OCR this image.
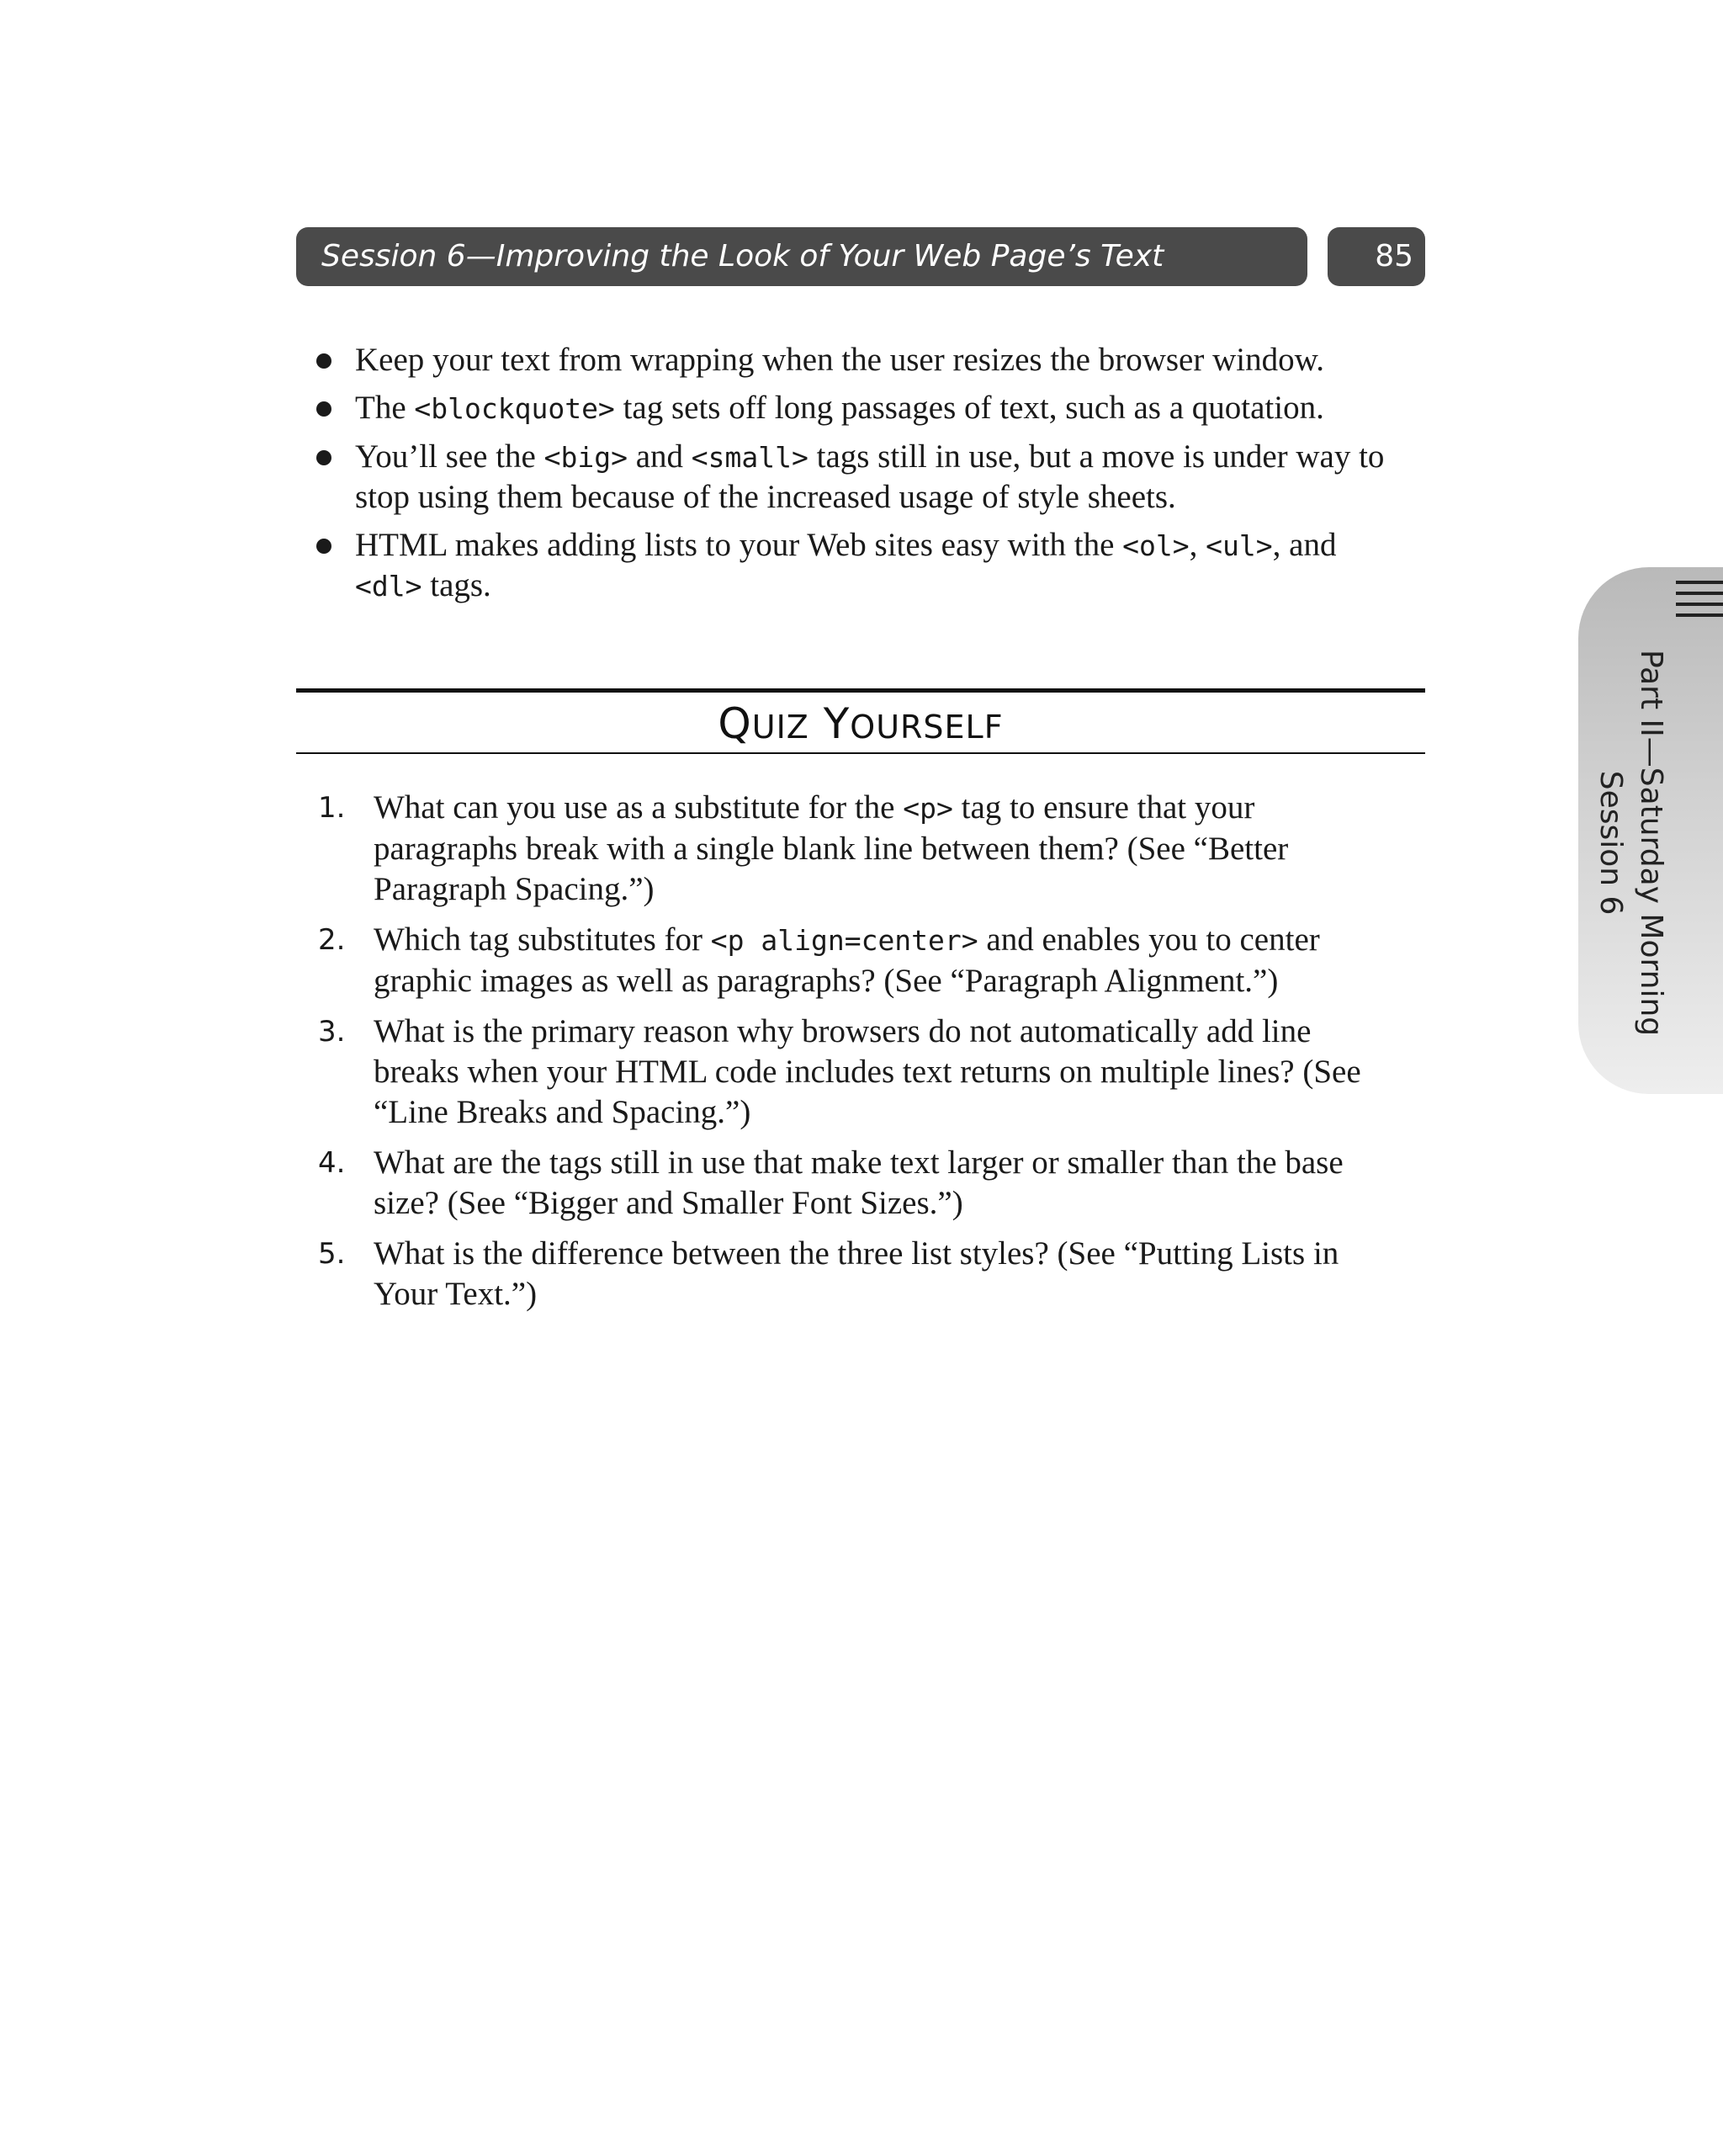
Session 6—Improving the Look of Your Web Page’s Text	85
Keep your text from wrapping when the user resizes the browser window.
The <blockquote> tag sets off long passages of text, such as a quotation.
You’ll see the <big> and <small> tags still in use, but a move is under way to stop using them because of the increased usage of style sheets.
HTML makes adding lists to your Web sites easy with the <ol>, <ul>, and <dl> tags.
QUIZ YOURSELF
1. What can you use as a substitute for the <p> tag to ensure that your paragraphs break with a single blank line between them? (See “Better Paragraph Spacing.”)
2. Which tag substitutes for <p align=center> and enables you to center graphic images as well as paragraphs? (See “Paragraph Alignment.”)
3. What is the primary reason why browsers do not automatically add line breaks when your HTML code includes text returns on multiple lines? (See “Line Breaks and Spacing.”)
4. What are the tags still in use that make text larger or smaller than the base size? (See “Bigger and Smaller Font Sizes.”)
5. What is the difference between the three list styles? (See “Putting Lists in Your Text.”)
Part II—Saturday Morning
Session 6
